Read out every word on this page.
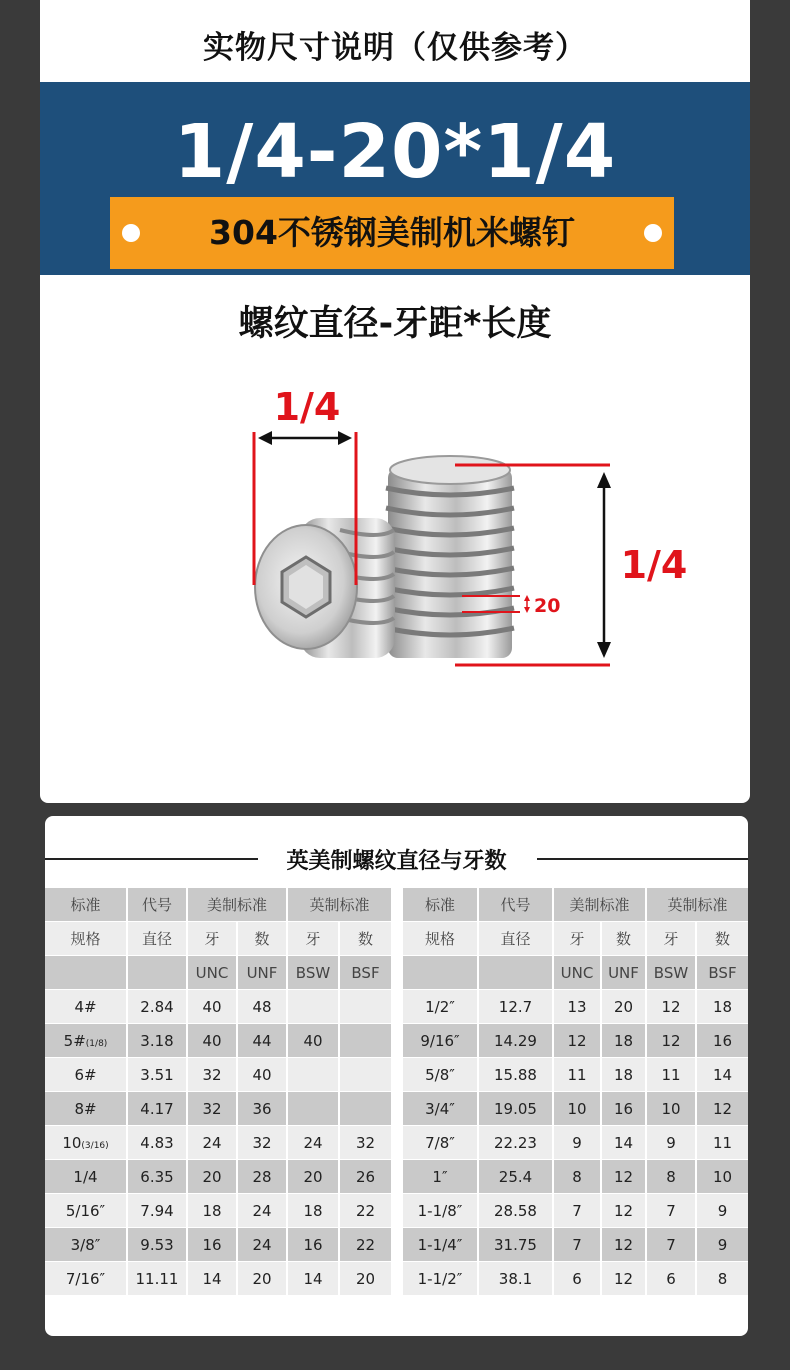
实物尺寸说明（仅供参考）
1/4-20*1/4
304不锈钢美制机米螺钉
螺纹直径-牙距*长度
1/4
1/4
20
英美制螺纹直径与牙数
标准	代号	美制标准		英制标准	
规格	直径	牙	数	牙	数
		UNC	UNF	BSW	BSF
4#	2.84	40	48		
5#(1/8)	3.18	40	44	40	
6#	3.51	32	40		
8#	4.17	32	36		
10(3/16)	4.83	24	32	24	32
1/4	6.35	20	28	20	26
5/16″	7.94	18	24	18	22
3/8″	9.53	16	24	16	22
7/16″	11.11	14	20	14	20
标准	代号	美制标准		英制标准	
规格	直径	牙	数	牙	数
		UNC	UNF	BSW	BSF
1/2″	12.7	13	20	12	18
9/16″	14.29	12	18	12	16
5/8″	15.88	11	18	11	14
3/4″	19.05	10	16	10	12
7/8″	22.23	9	14	9	11
1″	25.4	8	12	8	10
1-1/8″	28.58	7	12	7	9
1-1/4″	31.75	7	12	7	9
1-1/2″	38.1	6	12	6	8
